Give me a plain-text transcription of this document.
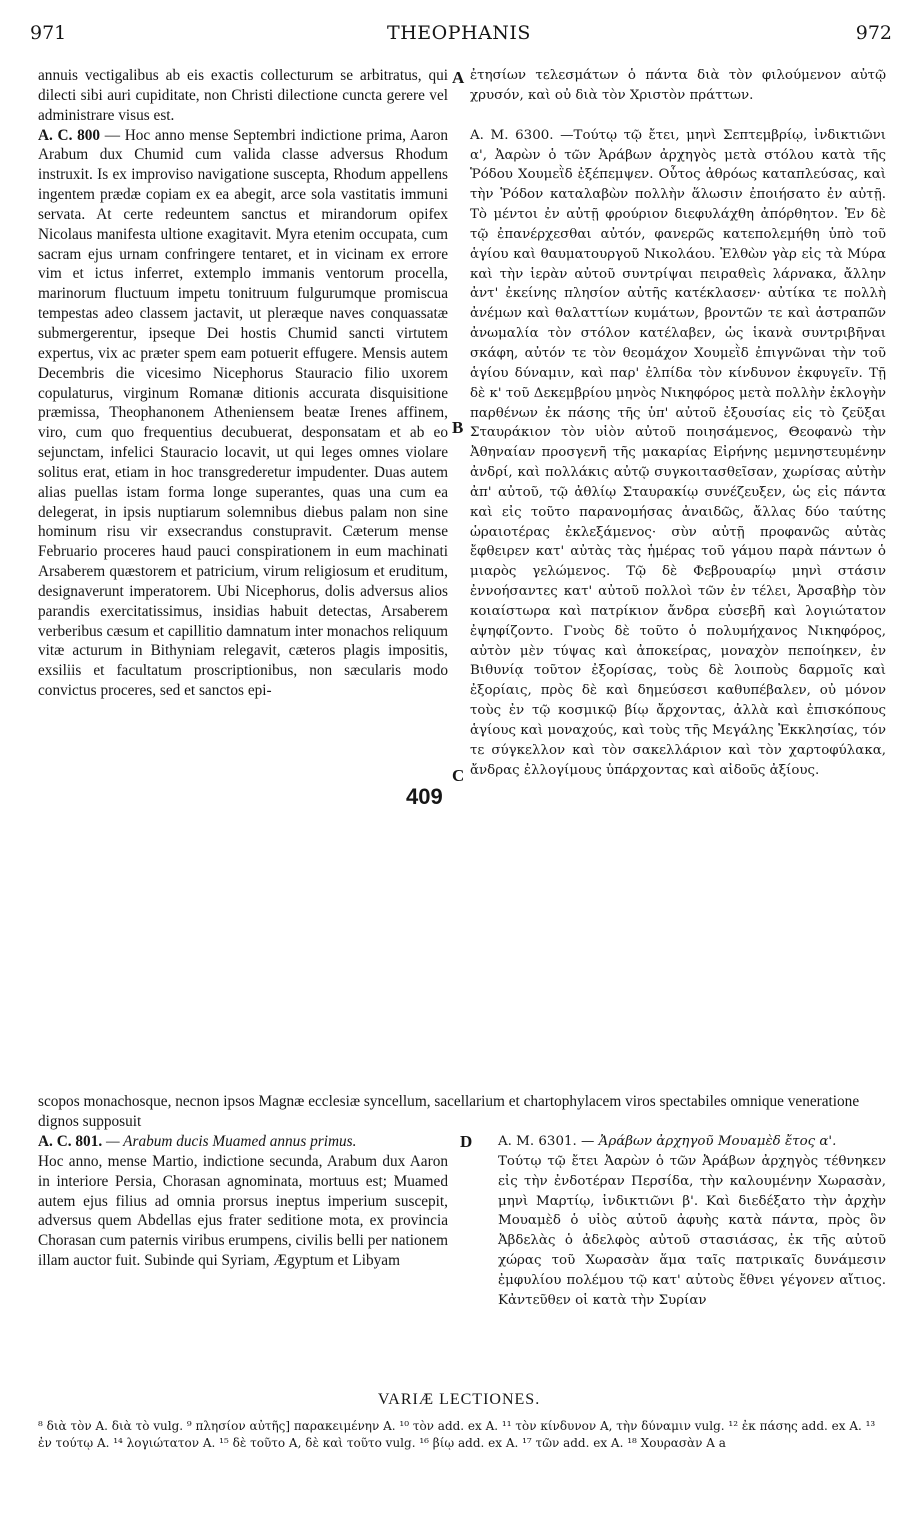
971	THEOPHANIS	972

annuis vectigalibus ab eis exactis collecturum se arbitratus, qui dilecti sibi auri cupiditate, non Christi dilectione cuncta gerere vel administrare visus est.

A. C. 800 — Hoc anno mense Septembri indictione prima, Aaron Arabum dux Chumid cum valida classe adversus Rhodum instruxit. Is ex improviso navigatione suscepta, Rhodum appellens ingentem prædæ copiam ex ea abegit, arce sola vastitatis immuni servata. At certe redeuntem sanctus et mirandorum opifex Nicolaus manifesta ultione exagitavit. Myra etenim occupata, cum sacram ejus urnam confringere tentaret, et in vicinam ex errore vim et ictus inferret, extemplo immanis ventorum procella, marinorum fluctuum impetu tonitruum fulgurumque promiscua tempestas adeo classem jactavit, ut pleræque naves conquassatæ submergerentur, ipseque Dei hostis Chumid sancti virtutem expertus, vix ac præter spem eam potuerit effugere. Mensis autem Decembris die vicesimo Nicephorus Stauracio filio uxorem copulaturus, virginum Romanæ ditionis accurata disquisitione præmissa, Theophanonem Atheniensem beatæ Irenes affinem, viro, cum quo frequentius decubuerat, desponsatam et ab eo sejunctam, infelici Stauracio locavit, ut qui leges omnes violare solitus erat, etiam in hoc transgrederetur impudenter. Duas autem alias puellas istam forma longe superantes, quas una cum ea delegerat, in ipsis nuptiarum solemnibus diebus palam non sine hominum risu vir exsecrandus constupravit. Cæterum mense Februario proceres haud pauci conspirationem in eum machinati Arsaberem quæstorem et patricium, virum religiosum et eruditum, designaverunt imperatorem. Ubi Nicephorus, dolis adversus alios parandis exercitatissimus, insidias habuit detectas, Arsaberem verberibus cæsum et capillitio damnatum inter monachos reliquum vitæ acturum in Bithyniam relegavit, cæteros plagis impositis, exsiliis et facultatum proscriptionibus, non sæcularis modo convictus proceres, sed et sanctos epi-

ἐτησίων τελεσμάτων ὁ πάντα διὰ τὸν φιλούμενον αὐτῷ χρυσόν, καὶ οὐ διὰ τὸν Χριστὸν πράττων.

Α. Μ. 6300. —Τούτῳ τῷ ἔτει, μηνὶ Σεπτεμβρίῳ, ἰνδικτιῶνι α', Ἀαρὼν ὁ τῶν Ἀράβων ἀρχηγὸς μετὰ στόλου κατὰ τῆς Ῥόδου Χουμεῒδ ἐξέπεμψεν. Οὗτος ἀθρόως καταπλεύσας, καὶ τὴν Ῥόδον καταλαβὼν πολλὴν ἅλωσιν ἐποιήσατο ἐν αὐτῇ. Τὸ μέντοι ἐν αὐτῇ φρούριον διεφυλάχθη ἀπόρθητον. Ἐν δὲ τῷ ἐπανέρχεσθαι αὐτόν, φανερῶς κατεπολεμήθη ὑπὸ τοῦ ἁγίου καὶ θαυματουργοῦ Νικολάου. Ἐλθὼν γὰρ εἰς τὰ Μύρα καὶ τὴν ἱερὰν αὐτοῦ συντρίψαι πειραθεὶς λάρνακα, ἄλλην ἀντ' ἐκείνης πλησίον αὐτῆς κατέκλασεν· αὐτίκα τε πολλὴ ἀνέμων καὶ θαλαττίων κυμάτων, βροντῶν τε καὶ ἀστραπῶν ἀνωμαλία τὸν στόλον κατέλαβεν, ὡς ἱκανὰ συντριβῆναι σκάφη, αὐτόν τε τὸν θεομάχον Χουμεῒδ ἐπιγνῶναι τὴν τοῦ ἁγίου δύναμιν, καὶ παρ' ἐλπίδα τὸν κίνδυνον ἐκφυγεῖν. Τῇ δὲ κ' τοῦ Δεκεμβρίου μηνὸς Νικηφόρος μετὰ πολλὴν ἐκλογὴν παρθένων ἐκ πάσης τῆς ὑπ' αὐτοῦ ἐξουσίας εἰς τὸ ζεῦξαι Σταυράκιον τὸν υἱὸν αὐτοῦ ποιησάμενος, Θεοφανὼ τὴν Ἀθηναίαν προσγενῆ τῆς μακαρίας Εἰρήνης μεμνηστευμένην ἀνδρί, καὶ πολλάκις αὐτῷ συγκοιτασθεῖσαν, χωρίσας αὐτὴν ἀπ' αὐτοῦ, τῷ ἀθλίῳ Σταυρακίῳ συνέζευξεν, ὡς εἰς πάντα καὶ εἰς τοῦτο παρανομήσας ἀναιδῶς, ἄλλας δύο ταύτης ὡραιοτέρας ἐκλεξάμενος· σὺν αὐτῇ προφανῶς αὐτὰς ἔφθειρεν κατ' αὐτὰς τὰς ἡμέρας τοῦ γάμου παρὰ πάντων ὁ μιαρὸς γελώμενος. Τῷ δὲ Φεβρουαρίῳ μηνὶ στάσιν ἐννοήσαντες κατ' αὐτοῦ πολλοὶ τῶν ἐν τέλει, Ἀρσαβὴρ τὸν κοιαίστωρα καὶ πατρίκιον ἄνδρα εὐσεβῆ καὶ λογιώτατον ἐψηφίζοντο. Γνοὺς δὲ τοῦτο ὁ πολυμήχανος Νικηφόρος, αὐτὸν μὲν τύψας καὶ ἀποκείρας, μοναχὸν πεποίηκεν, ἐν Βιθυνίᾳ τοῦτον ἐξορίσας, τοὺς δὲ λοιποὺς δαρμοῖς καὶ ἐξορίαις, πρὸς δὲ καὶ δημεύσεσι καθυπέβαλεν, οὐ μόνον τοὺς ἐν τῷ κοσμικῷ βίῳ ἄρχοντας, ἀλλὰ καὶ ἐπισκόπους ἁγίους καὶ μοναχούς, καὶ τοὺς τῆς Μεγάλης Ἐκκλησίας, τόν τε σύγκελλον καὶ τὸν σακελλάριον καὶ τὸν χαρτοφύλακα, ἄνδρας ἐλλογίμους ὑπάρχοντας καὶ αἰδοῦς ἀξίους.

A
B
C
D
409

scopos monachosque, necnon ipsos Magnæ ecclesiæ syncellum, sacellarium et chartophylacem viros spectabiles omnique veneratione dignos supposuit

A. C. 801. — Arabum ducis Muamed annus primus.

Hoc anno, mense Martio, indictione secunda, Arabum dux Aaron in interiore Persia, Chorasan agnominata, mortuus est; Muamed autem ejus filius ad omnia prorsus ineptus imperium suscepit, adversus quem Abdellas ejus frater seditione mota, ex provincia Chorasan cum paternis viribus erumpens, civilis belli per nationem illam auctor fuit. Subinde qui Syriam, Ægyptum et Libyam

Α. Μ. 6301. — Ἀράβων ἀρχηγοῦ Μουαμὲδ ἔτος α'.

Τούτῳ τῷ ἔτει Ἀαρὼν ὁ τῶν Ἀράβων ἀρχηγὸς τέθνηκεν εἰς τὴν ἐνδοτέραν Περσίδα, τὴν καλουμένην Χωρασὰν, μηνὶ Μαρτίῳ, ἰνδικτιῶνι β'. Καὶ διεδέξατο τὴν ἀρχὴν Μουαμὲδ ὁ υἱὸς αὐτοῦ ἀφυὴς κατὰ πάντα, πρὸς ὃν Ἀβδελὰς ὁ ἀδελφὸς αὐτοῦ στασιάσας, ἐκ τῆς αὐτοῦ χώρας τοῦ Χωρασὰν ἅμα ταῖς πατρικαῖς δυνάμεσιν ἐμφυλίου πολέμου τῷ κατ' αὐτοὺς ἔθνει γέγονεν αἴτιος. Κἀντεῦθεν οἱ κατὰ τὴν Συρίαν

VARIÆ LECTIONES.

⁸ διὰ τὸν A. διὰ τὸ vulg. ⁹ πλησίον αὐτῆς] παρακειμένην A. ¹⁰ τὸν add. ex A. ¹¹ τὸν κίνδυνον A, τὴν δύναμιν vulg. ¹² ἐκ πάσης add. ex A. ¹³ ἐν τούτῳ A. ¹⁴ λογιώτατον A. ¹⁵ δὲ τοῦτο A, δὲ καὶ τοῦτο vulg. ¹⁶ βίῳ add. ex A. ¹⁷ τῶν add. ex A. ¹⁸ Χουρασὰν A a
